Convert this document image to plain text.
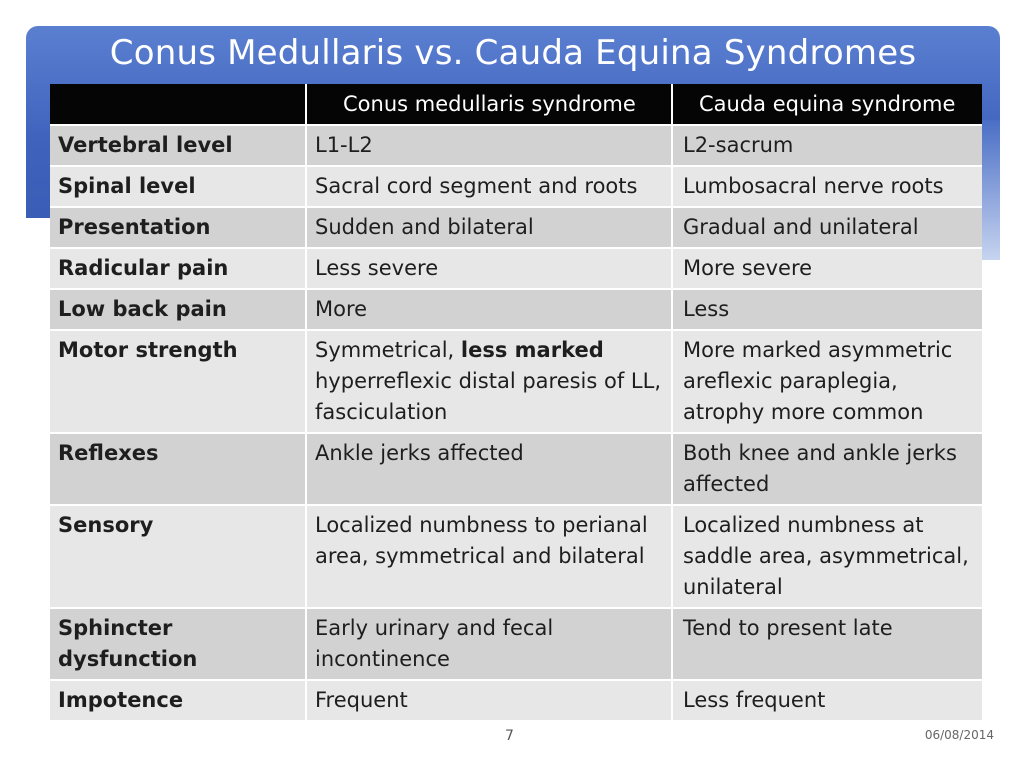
Conus Medullaris vs. Cauda Equina Syndromes
	Conus medullaris syndrome	Cauda equina syndrome
Vertebral level	L1-L2	L2-sacrum
Spinal level	Sacral cord segment and roots	Lumbosacral nerve roots
Presentation	Sudden and bilateral	Gradual and unilateral
Radicular pain	Less severe	More severe
Low back pain	More	Less
Motor strength	Symmetrical, less marked hyperreflexic distal paresis of LL, fasciculation	More marked asymmetric areflexic paraplegia, atrophy more common
Reflexes	Ankle jerks affected	Both knee and ankle jerks affected
Sensory	Localized numbness to perianal area, symmetrical and bilateral	Localized numbness at saddle area, asymmetrical, unilateral
Sphincter dysfunction	Early urinary and fecal incontinence	Tend to present late
Impotence	Frequent	Less frequent
7	06/08/2014
